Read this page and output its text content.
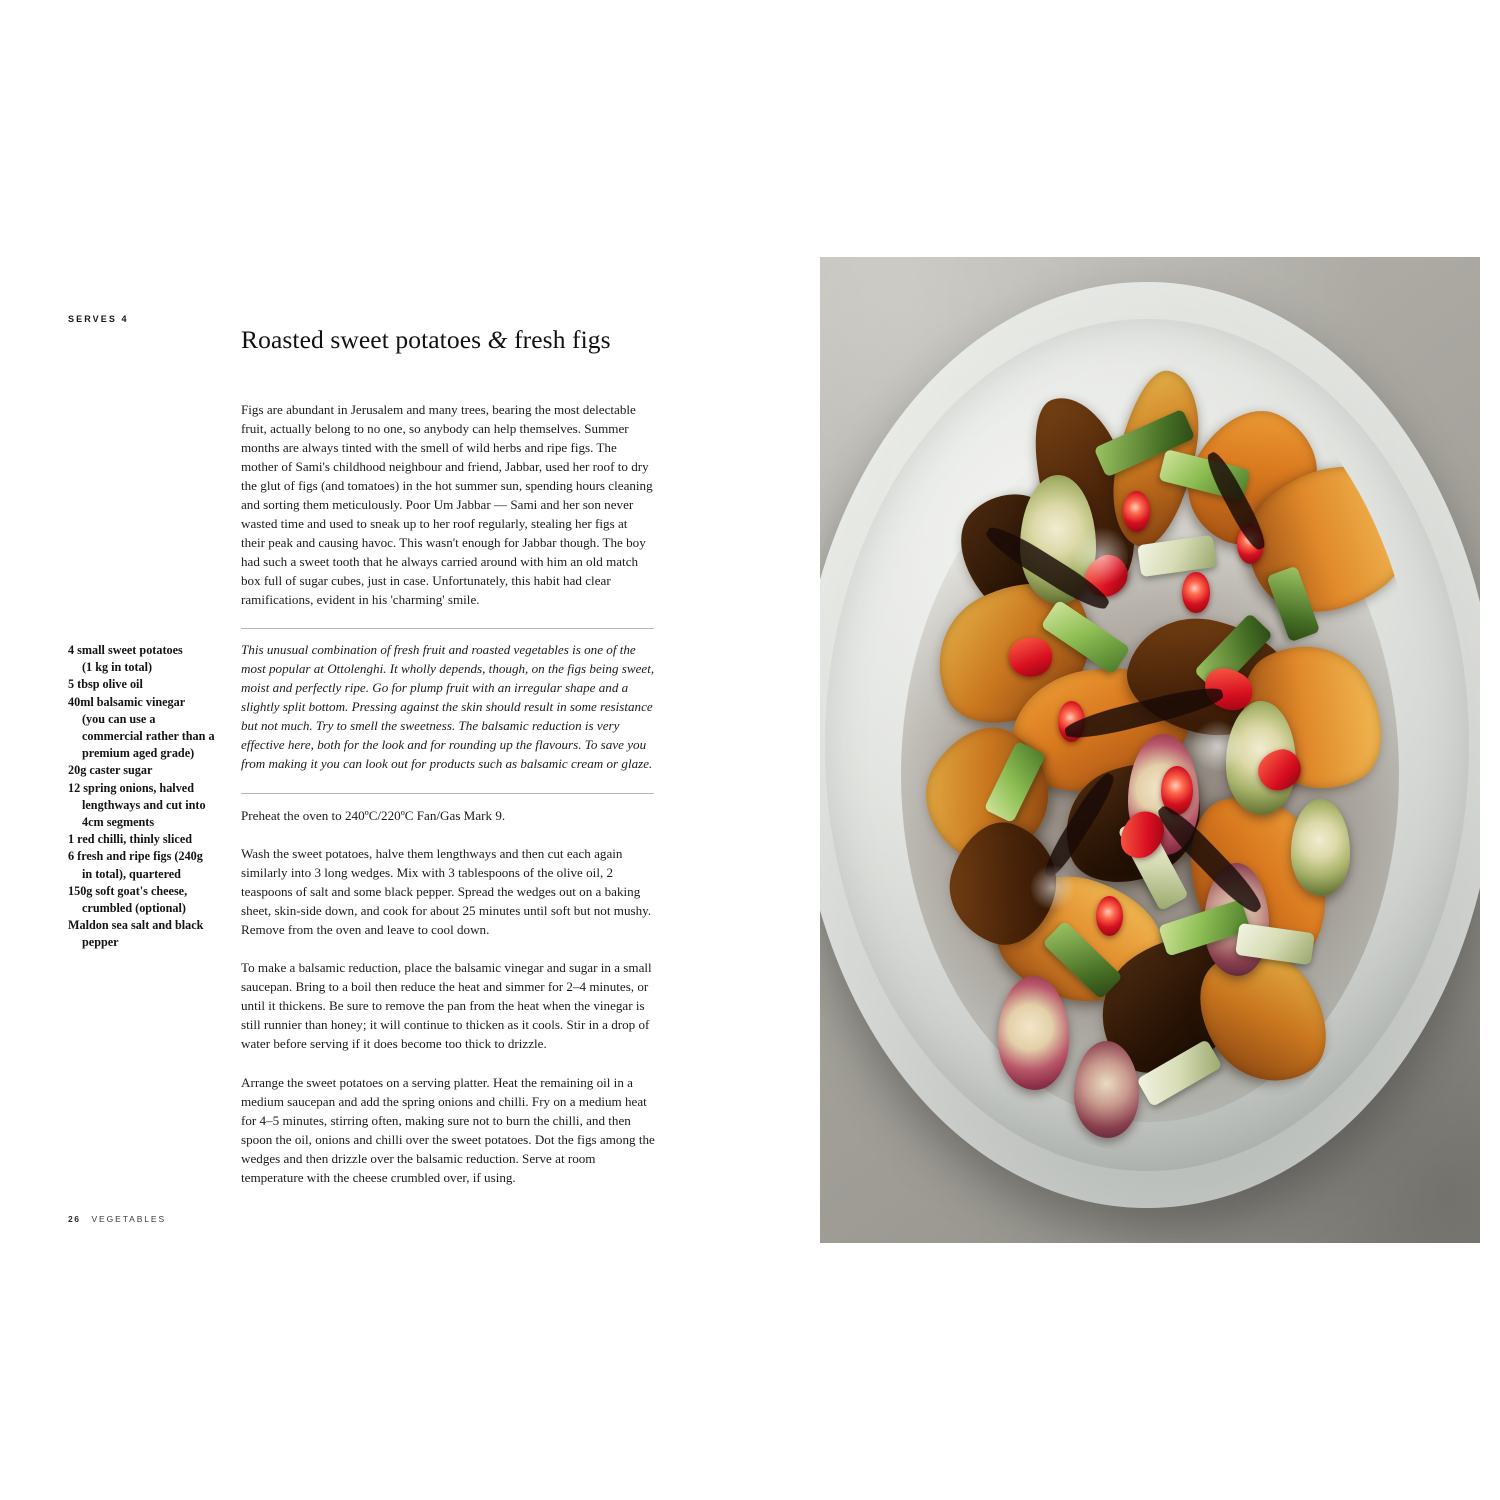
SERVES 4
Roasted sweet potatoes & fresh figs
Figs are abundant in Jerusalem and many trees, bearing the most delectable fruit, actually belong to no one, so anybody can help themselves. Summer months are always tinted with the smell of wild herbs and ripe figs. The mother of Sami's childhood neighbour and friend, Jabbar, used her roof to dry the glut of figs (and tomatoes) in the hot summer sun, spending hours cleaning and sorting them meticulously. Poor Um Jabbar — Sami and her son never wasted time and used to sneak up to her roof regularly, stealing her figs at their peak and causing havoc. This wasn't enough for Jabbar though. The boy had such a sweet tooth that he always carried around with him an old match box full of sugar cubes, just in case. Unfortunately, this habit had clear ramifications, evident in his 'charming' smile.
This unusual combination of fresh fruit and roasted vegetables is one of the most popular at Ottolenghi. It wholly depends, though, on the figs being sweet, moist and perfectly ripe. Go for plump fruit with an irregular shape and a slightly split bottom. Pressing against the skin should result in some resistance but not much. Try to smell the sweetness. The balsamic reduction is very effective here, both for the look and for rounding up the flavours. To save you from making it you can look out for products such as balsamic cream or glaze.

Preheat the oven to 240ºC/220ºC Fan/Gas Mark 9.

Wash the sweet potatoes, halve them lengthways and then cut each again similarly into 3 long wedges. Mix with 3 tablespoons of the olive oil, 2 teaspoons of salt and some black pepper. Spread the wedges out on a baking sheet, skin-side down, and cook for about 25 minutes until soft but not mushy. Remove from the oven and leave to cool down.

To make a balsamic reduction, place the balsamic vinegar and sugar in a small saucepan. Bring to a boil then reduce the heat and simmer for 2–4 minutes, or until it thickens. Be sure to remove the pan from the heat when the vinegar is still runnier than honey; it will continue to thicken as it cools. Stir in a drop of water before serving if it does become too thick to drizzle.

Arrange the sweet potatoes on a serving platter. Heat the remaining oil in a medium saucepan and add the spring onions and chilli. Fry on a medium heat for 4–5 minutes, stirring often, making sure not to burn the chilli, and then spoon the oil, onions and chilli over the sweet potatoes. Dot the figs among the wedges and then drizzle over the balsamic reduction. Serve at room temperature with the cheese crumbled over, if using.

4 small sweet potatoes
(1 kg in total)
5 tbsp olive oil
40ml balsamic vinegar
(you can use a
commercial rather than a
premium aged grade)
20g caster sugar
12 spring onions, halved
lengthways and cut into
4cm segments
1 red chilli, thinly sliced
6 fresh and ripe figs (240g
in total), quartered
150g soft goat's cheese,
crumbled (optional)
Maldon sea salt and black
pepper
26 VEGETABLES
